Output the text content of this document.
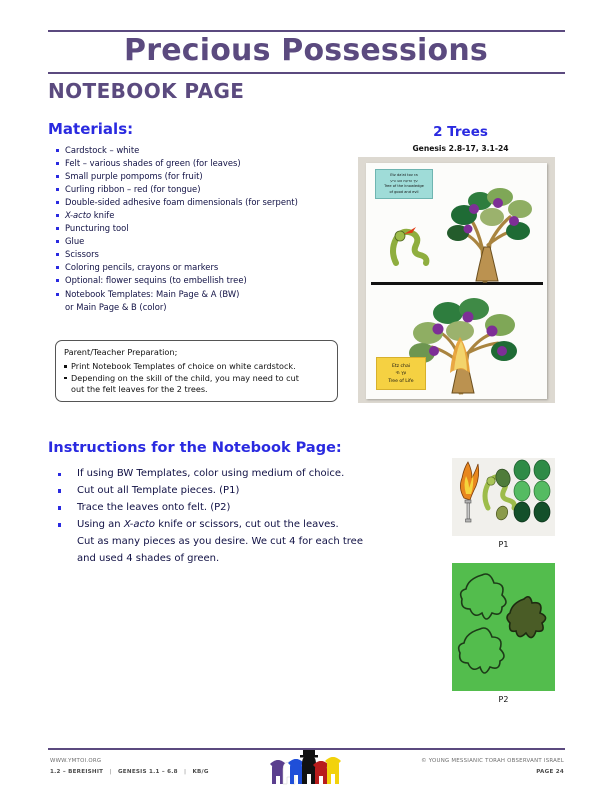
Precious Possessions
NOTEBOOK PAGE
Materials:
Cardstock – white
Felt – various shades of green (for leaves)
Small purple pompoms (for fruit)
Curling ribbon – red (for tongue)
Double-sided adhesive foam dimensionals (for serpent)
X-acto knife
Puncturing tool
Glue
Scissors
Coloring pencils, crayons or markers
Optional: flower sequins (to embellish tree)
Notebook Templates: Main Page & A (BW)
or Main Page & B (color)
Parent/Teacher Preparation;
Print Notebook Templates of choice on white cardstock.
Depending on the skill of the child, you may need to cut
out the felt leaves for the 2 trees.
Instructions for the Notebook Page:
If using BW Templates, color using medium of choice.
Cut out all Template pieces. (P1)
Trace the leaves onto felt. (P2)
Using an X-acto knife or scissors, cut out the leaves.
Cut as many pieces as you desire. We cut 4 for each tree
and used 4 shades of green.
2 Trees
Genesis 2.8-17, 3.1-24
Etz da'at tov ra
עץ הדעת טוב ורע
Tree of the knowledge
of good and evil
Etz chai
עץ חי
Tree of Life
P1
P2
WWW.YMTOI.ORG
1.2 – BEREISHIT | GENESIS 1.1 – 6.8 | KB/G
© YOUNG MESSIANIC TORAH OBSERVANT ISRAEL
PAGE 24
